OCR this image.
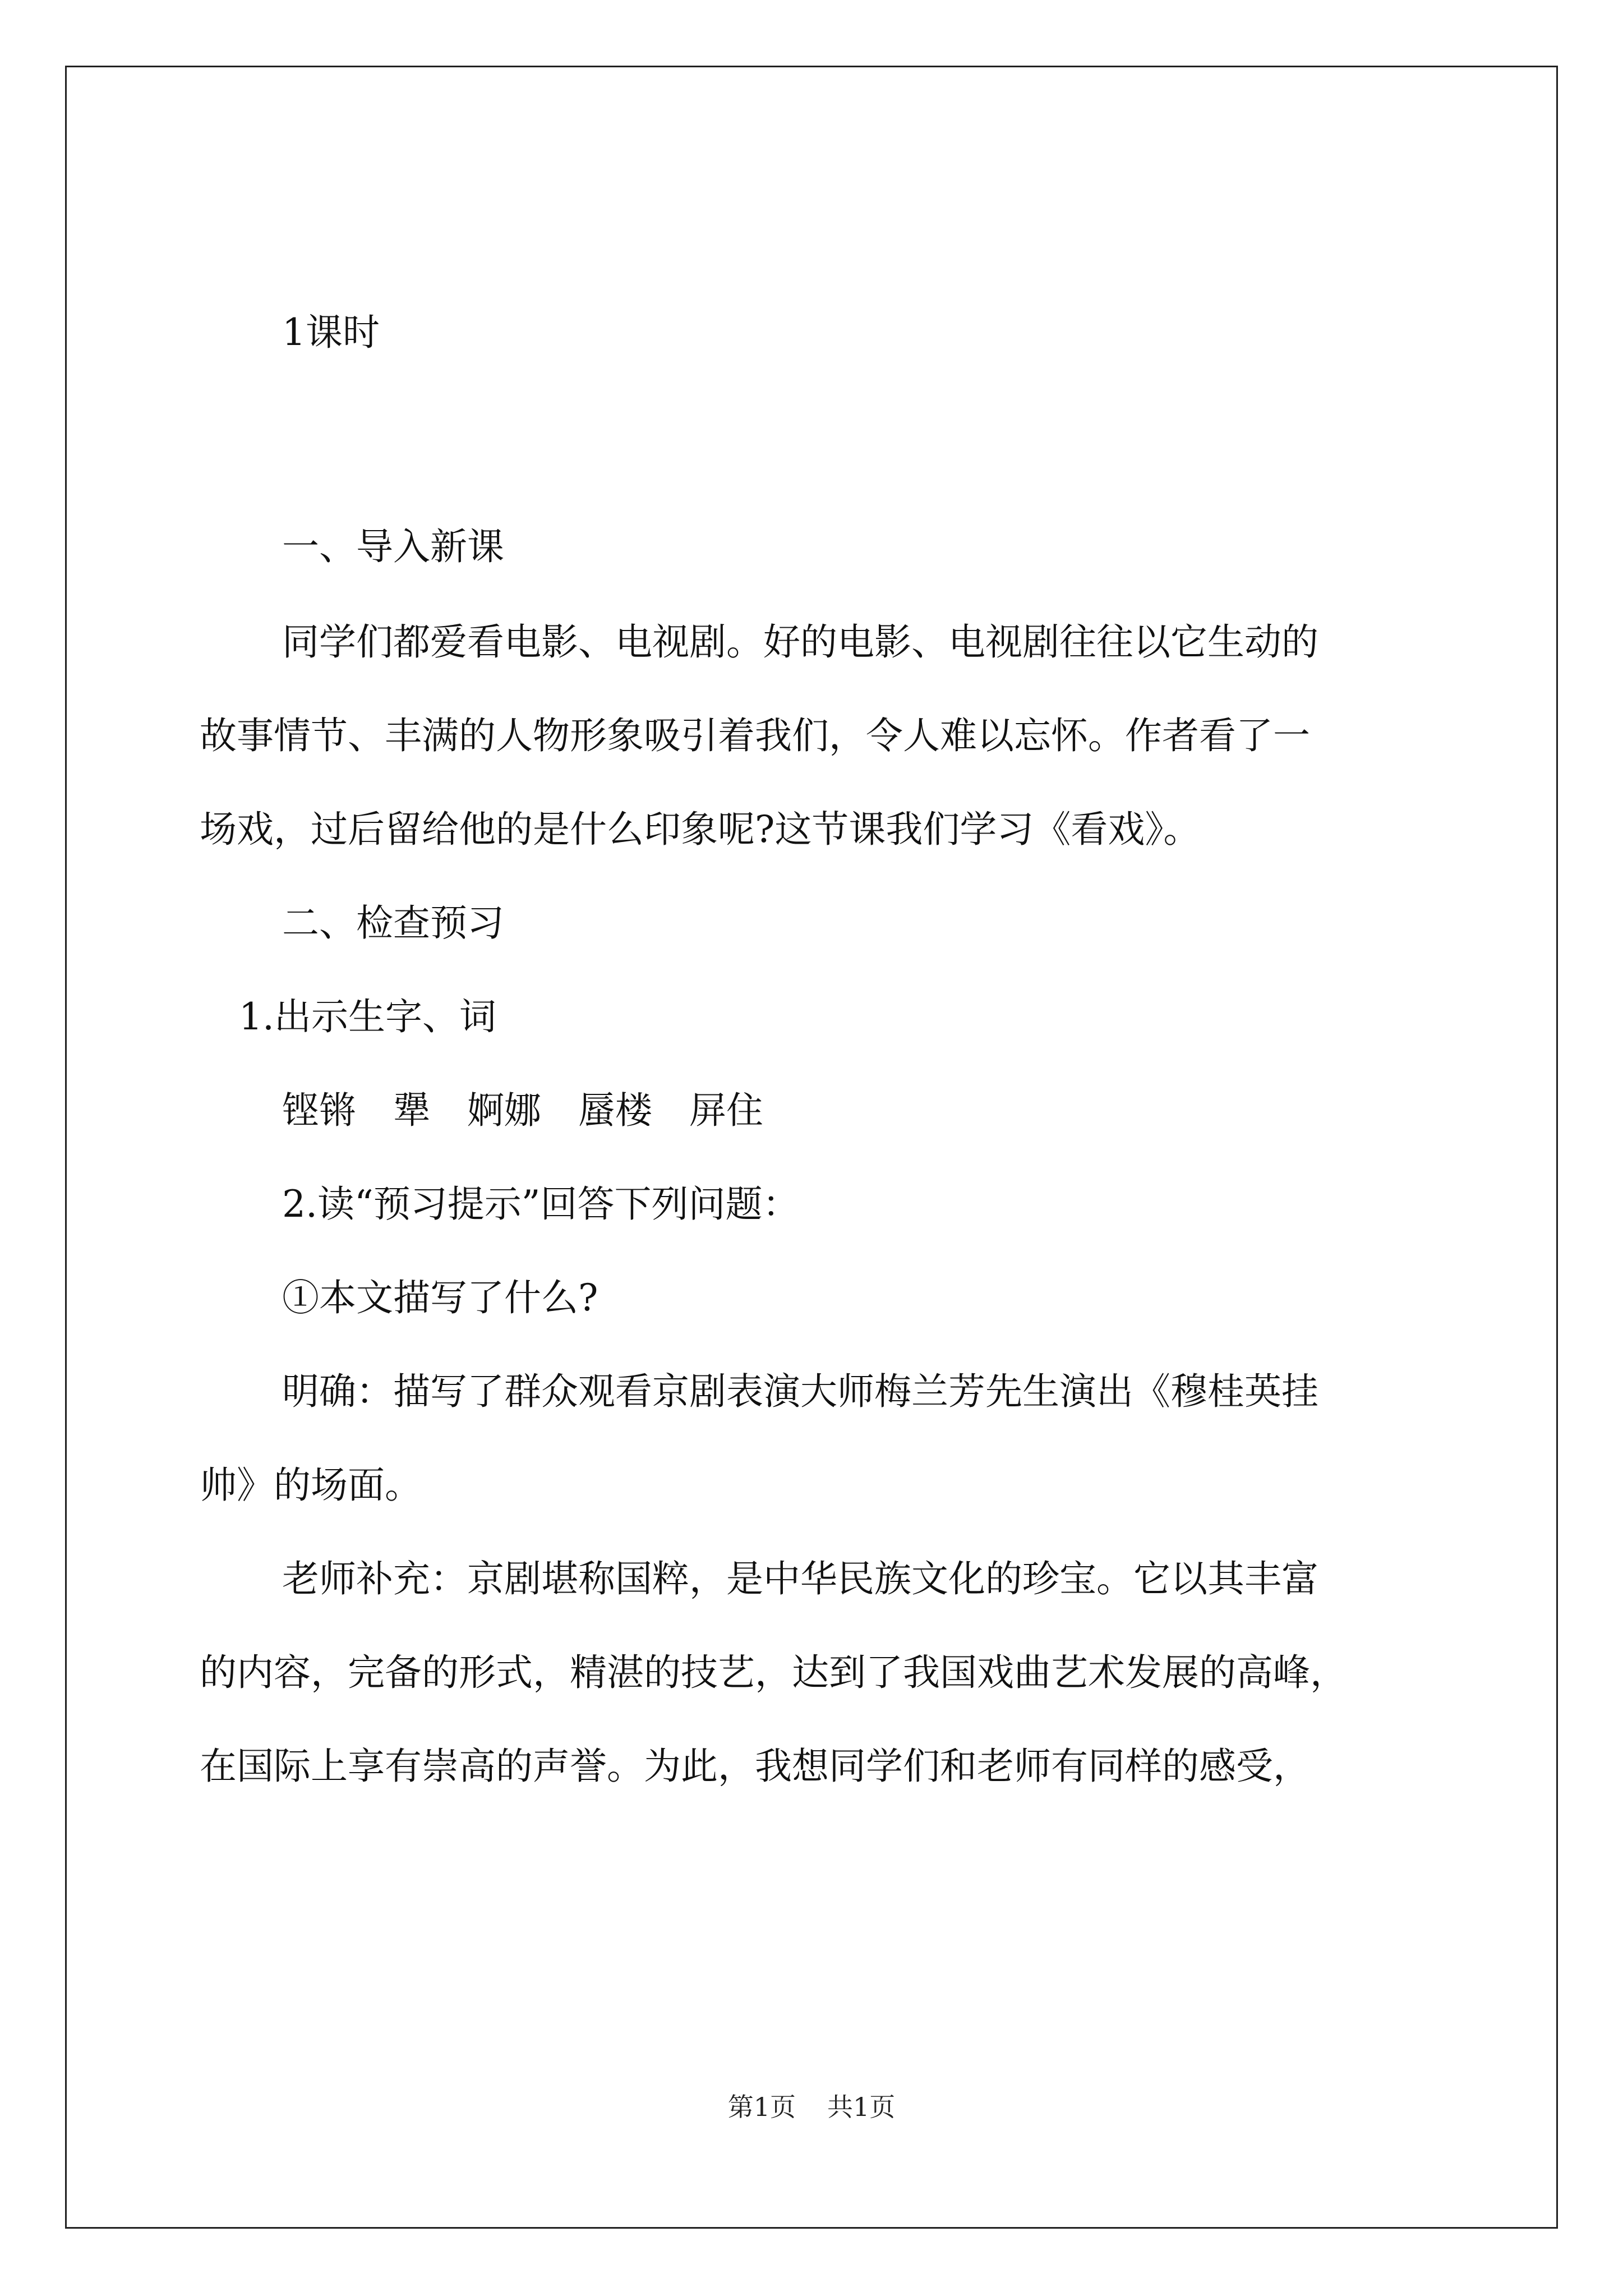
1课时

一、导入新课

同学们都爱看电影、电视剧。好的电影、电视剧往往以它生动的

故事情节、丰满的人物形象吸引着我们，令人难以忘怀。作者看了一

场戏，过后留给他的是什么印象呢?这节课我们学习《看戏》。

二、检查预习

1.出示生字、词

铿锵　犟　婀娜　蜃楼　屏住

2.读“预习提示”回答下列问题：

①本文描写了什么?

明确：描写了群众观看京剧表演大师梅兰芳先生演出《穆桂英挂

帅》的场面。

老师补充：京剧堪称国粹，是中华民族文化的珍宝。它以其丰富

的内容，完备的形式，精湛的技艺，达到了我国戏曲艺术发展的高峰，

在国际上享有崇高的声誉。为此，我想同学们和老师有同样的感受，

第1页 共1页
